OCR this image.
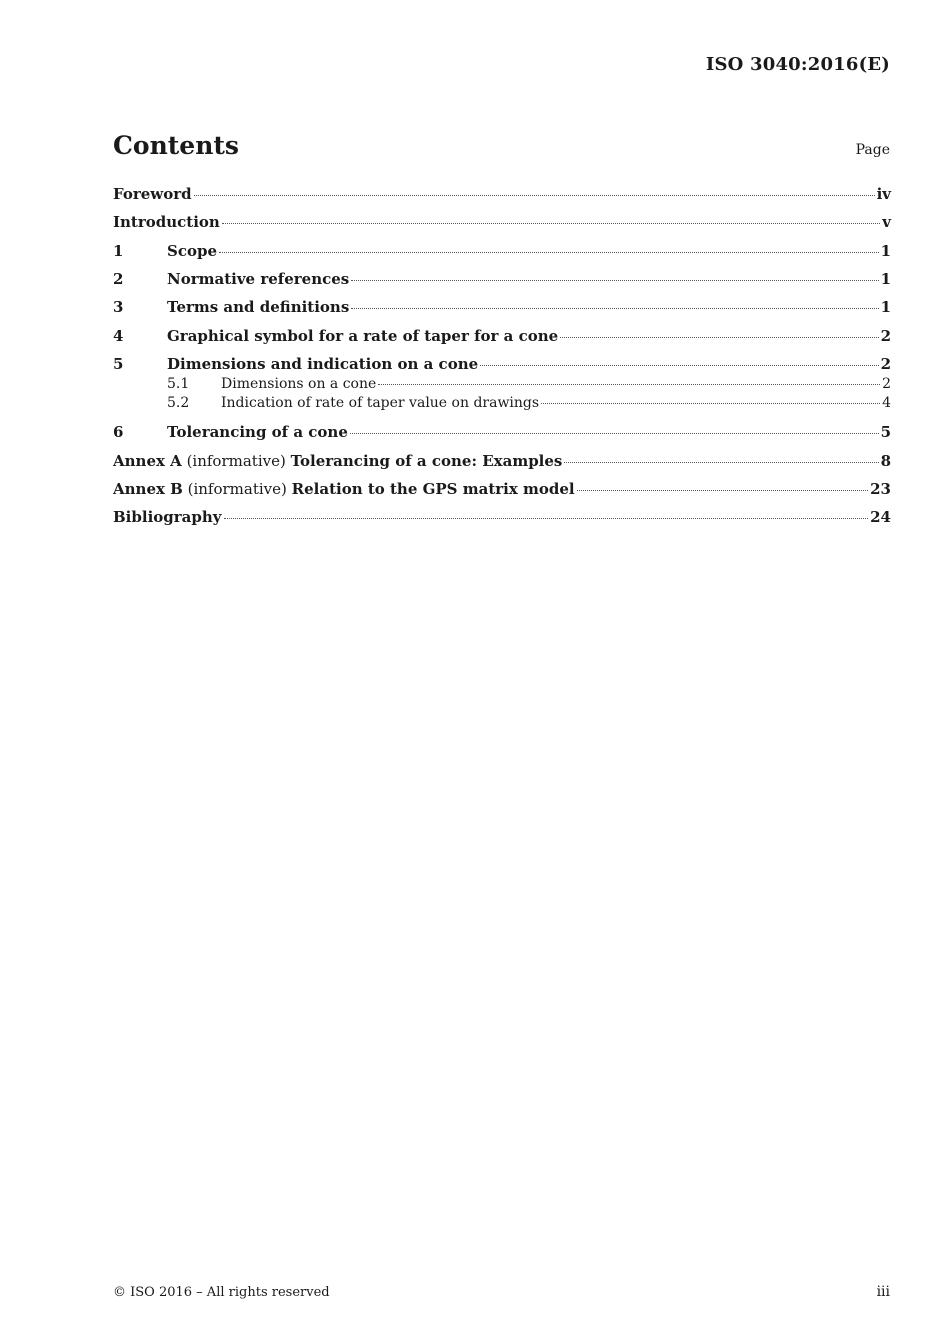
ISO 3040:2016(E)
Contents	Page
Foreword	iv
Introduction	v
1	Scope	1
2	Normative references	1
3	Terms and definitions	1
4	Graphical symbol for a rate of taper for a cone	2
5	Dimensions and indication on a cone	2
5.1	Dimensions on a cone	2
5.2	Indication of rate of taper value on drawings	4
6	Tolerancing of a cone	5
Annex A (informative) Tolerancing of a cone: Examples	8
Annex B (informative) Relation to the GPS matrix model	23
Bibliography	24
© ISO 2016 – All rights reserved	iii
